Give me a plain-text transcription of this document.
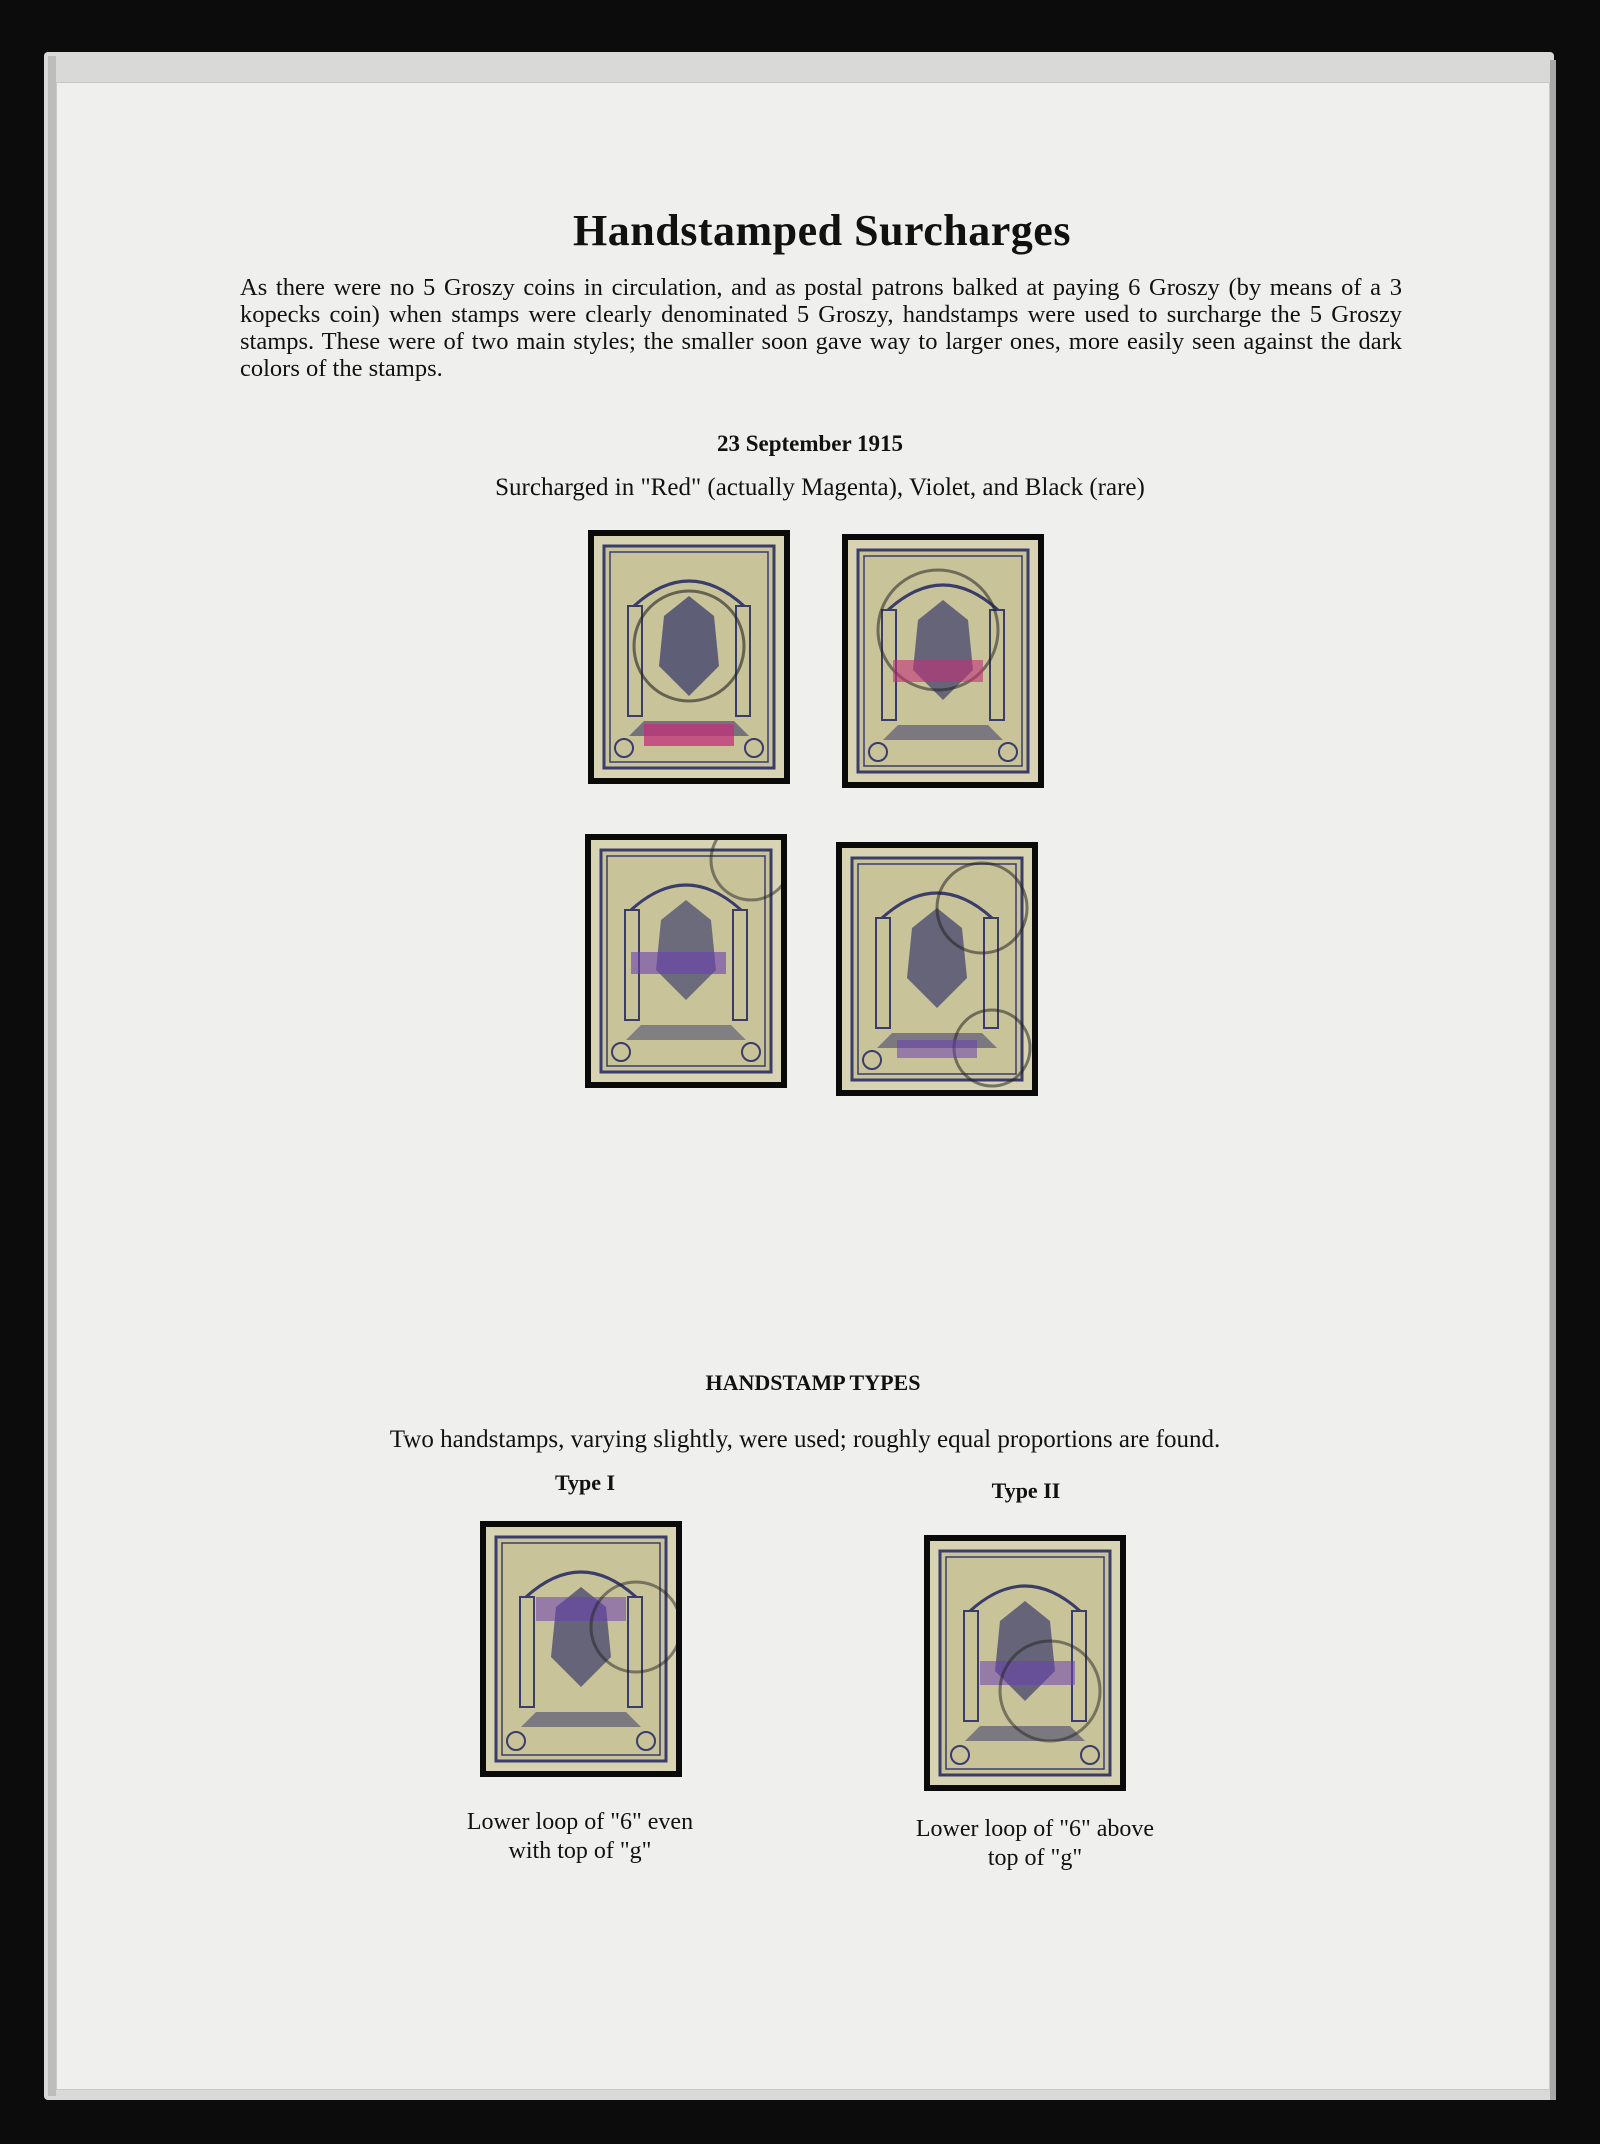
Handstamped Surcharges
As there were no 5 Groszy coins in circulation, and as postal patrons balked at paying 6 Groszy (by means of a 3 kopecks coin) when stamps were clearly denominated 5 Groszy, handstamps were used to surcharge the 5 Groszy stamps. These were of two main styles; the smaller soon gave way to larger ones, more easily seen against the dark colors of the stamps.
23 September 1915
Surcharged in "Red" (actually Magenta), Violet, and Black (rare)
HANDSTAMP TYPES
Two handstamps, varying slightly, were used; roughly equal proportions are found.
Type I	Type II
Lower loop of "6" even
with top of "g"
Lower loop of "6" above
top of "g"
